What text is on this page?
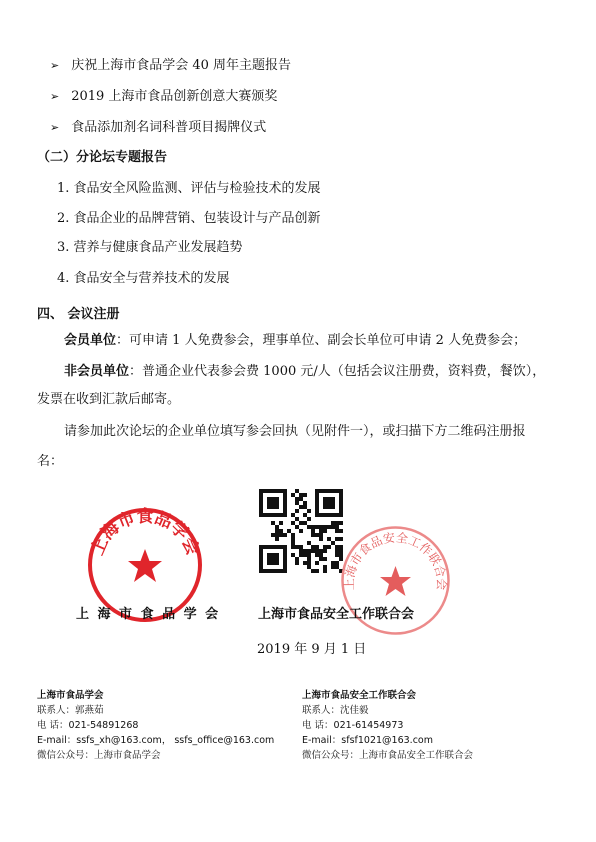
➢ 庆祝上海市食品学会 40 周年主题报告
➢ 2019 上海市食品创新创意大赛颁奖
➢ 食品添加剂名词科普项目揭牌仪式
（二）分论坛专题报告
1. 食品安全风险监测、评估与检验技术的发展
2. 食品企业的品牌营销、包装设计与产品创新
3. 营养与健康食品产业发展趋势
4. 食品安全与营养技术的发展
四、 会议注册
会员单位：可申请 1 人免费参会，理事单位、副会长单位可申请 2 人免费参会；
非会员单位：普通企业代表参会费 1000 元/人（包括会议注册费，资料费，餐饮），
发票在收到汇款后邮寄。
请参加此次论坛的企业单位填写参会回执（见附件一），或扫描下方二维码注册报
名：
上海市食品学会
上海市食品安全工作联合会
上 海 市 食 品 学 会	上海市食品安全工作联合会
2019 年 9 月 1 日
上海市食品学会
联系人：郭燕茹
电 话：021-54891268
E-mail：ssfs_xh@163.com， ssfs_office@163.com
微信公众号：上海市食品学会
上海市食品安全工作联合会
联系人：沈佳毅
电 话：021-61454973
E-mail：sfsf1021@163.com
微信公众号：上海市食品安全工作联合会
